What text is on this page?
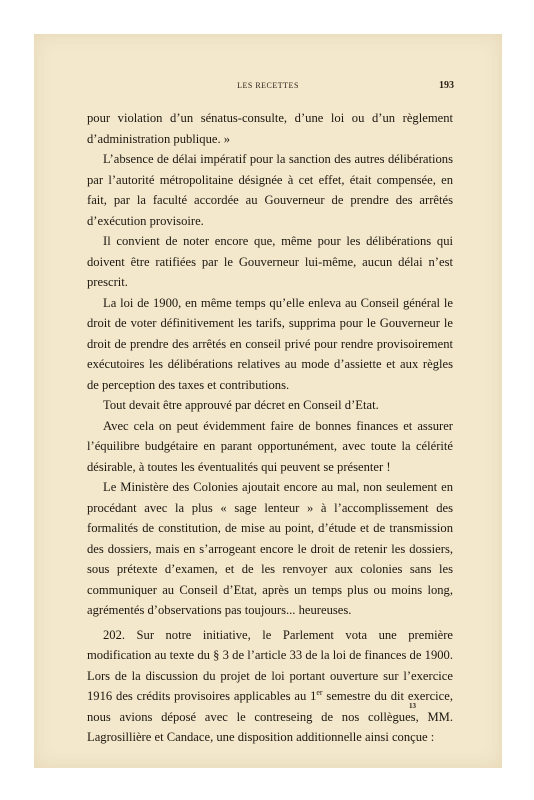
LES RECETTES	193

pour violation d’un sénatus-consulte, d’une loi ou d’un règlement d’administration publique. »

L’absence de délai impératif pour la sanction des autres délibérations par l’autorité métropolitaine désignée à cet effet, était compensée, en fait, par la faculté accordée au Gouverneur de prendre des arrêtés d’exécution provisoire.

Il convient de noter encore que, même pour les délibérations qui doivent être ratifiées par le Gouverneur lui-même, aucun délai n’est prescrit.

La loi de 1900, en même temps qu’elle enleva au Conseil général le droit de voter définitivement les tarifs, supprima pour le Gouverneur le droit de prendre des arrêtés en conseil privé pour rendre provisoirement exécutoires les délibérations relatives au mode d’assiette et aux règles de perception des taxes et contributions.

Tout devait être approuvé par décret en Conseil d’Etat.

Avec cela on peut évidemment faire de bonnes finances et assurer l’équilibre budgétaire en parant opportunément, avec toute la célérité désirable, à toutes les éventualités qui peuvent se présenter !

Le Ministère des Colonies ajoutait encore au mal, non seulement en procédant avec la plus « sage lenteur » à l’accomplissement des formalités de constitution, de mise au point, d’étude et de transmission des dossiers, mais en s’arrogeant encore le droit de retenir les dossiers, sous prétexte d’examen, et de les renvoyer aux colonies sans les communiquer au Conseil d’Etat, après un temps plus ou moins long, agrémentés d’observations pas toujours... heureuses.

202. Sur notre initiative, le Parlement vota une première modification au texte du § 3 de l’article 33 de la loi de finances de 1900. Lors de la discussion du projet de loi portant ouverture sur l’exercice 1916 des crédits provisoires applicables au 1er semestre du dit exercice, nous avions déposé avec le contreseing de nos collègues, MM. Lagrosillière et Candace, une disposition additionnelle ainsi conçue :

13
